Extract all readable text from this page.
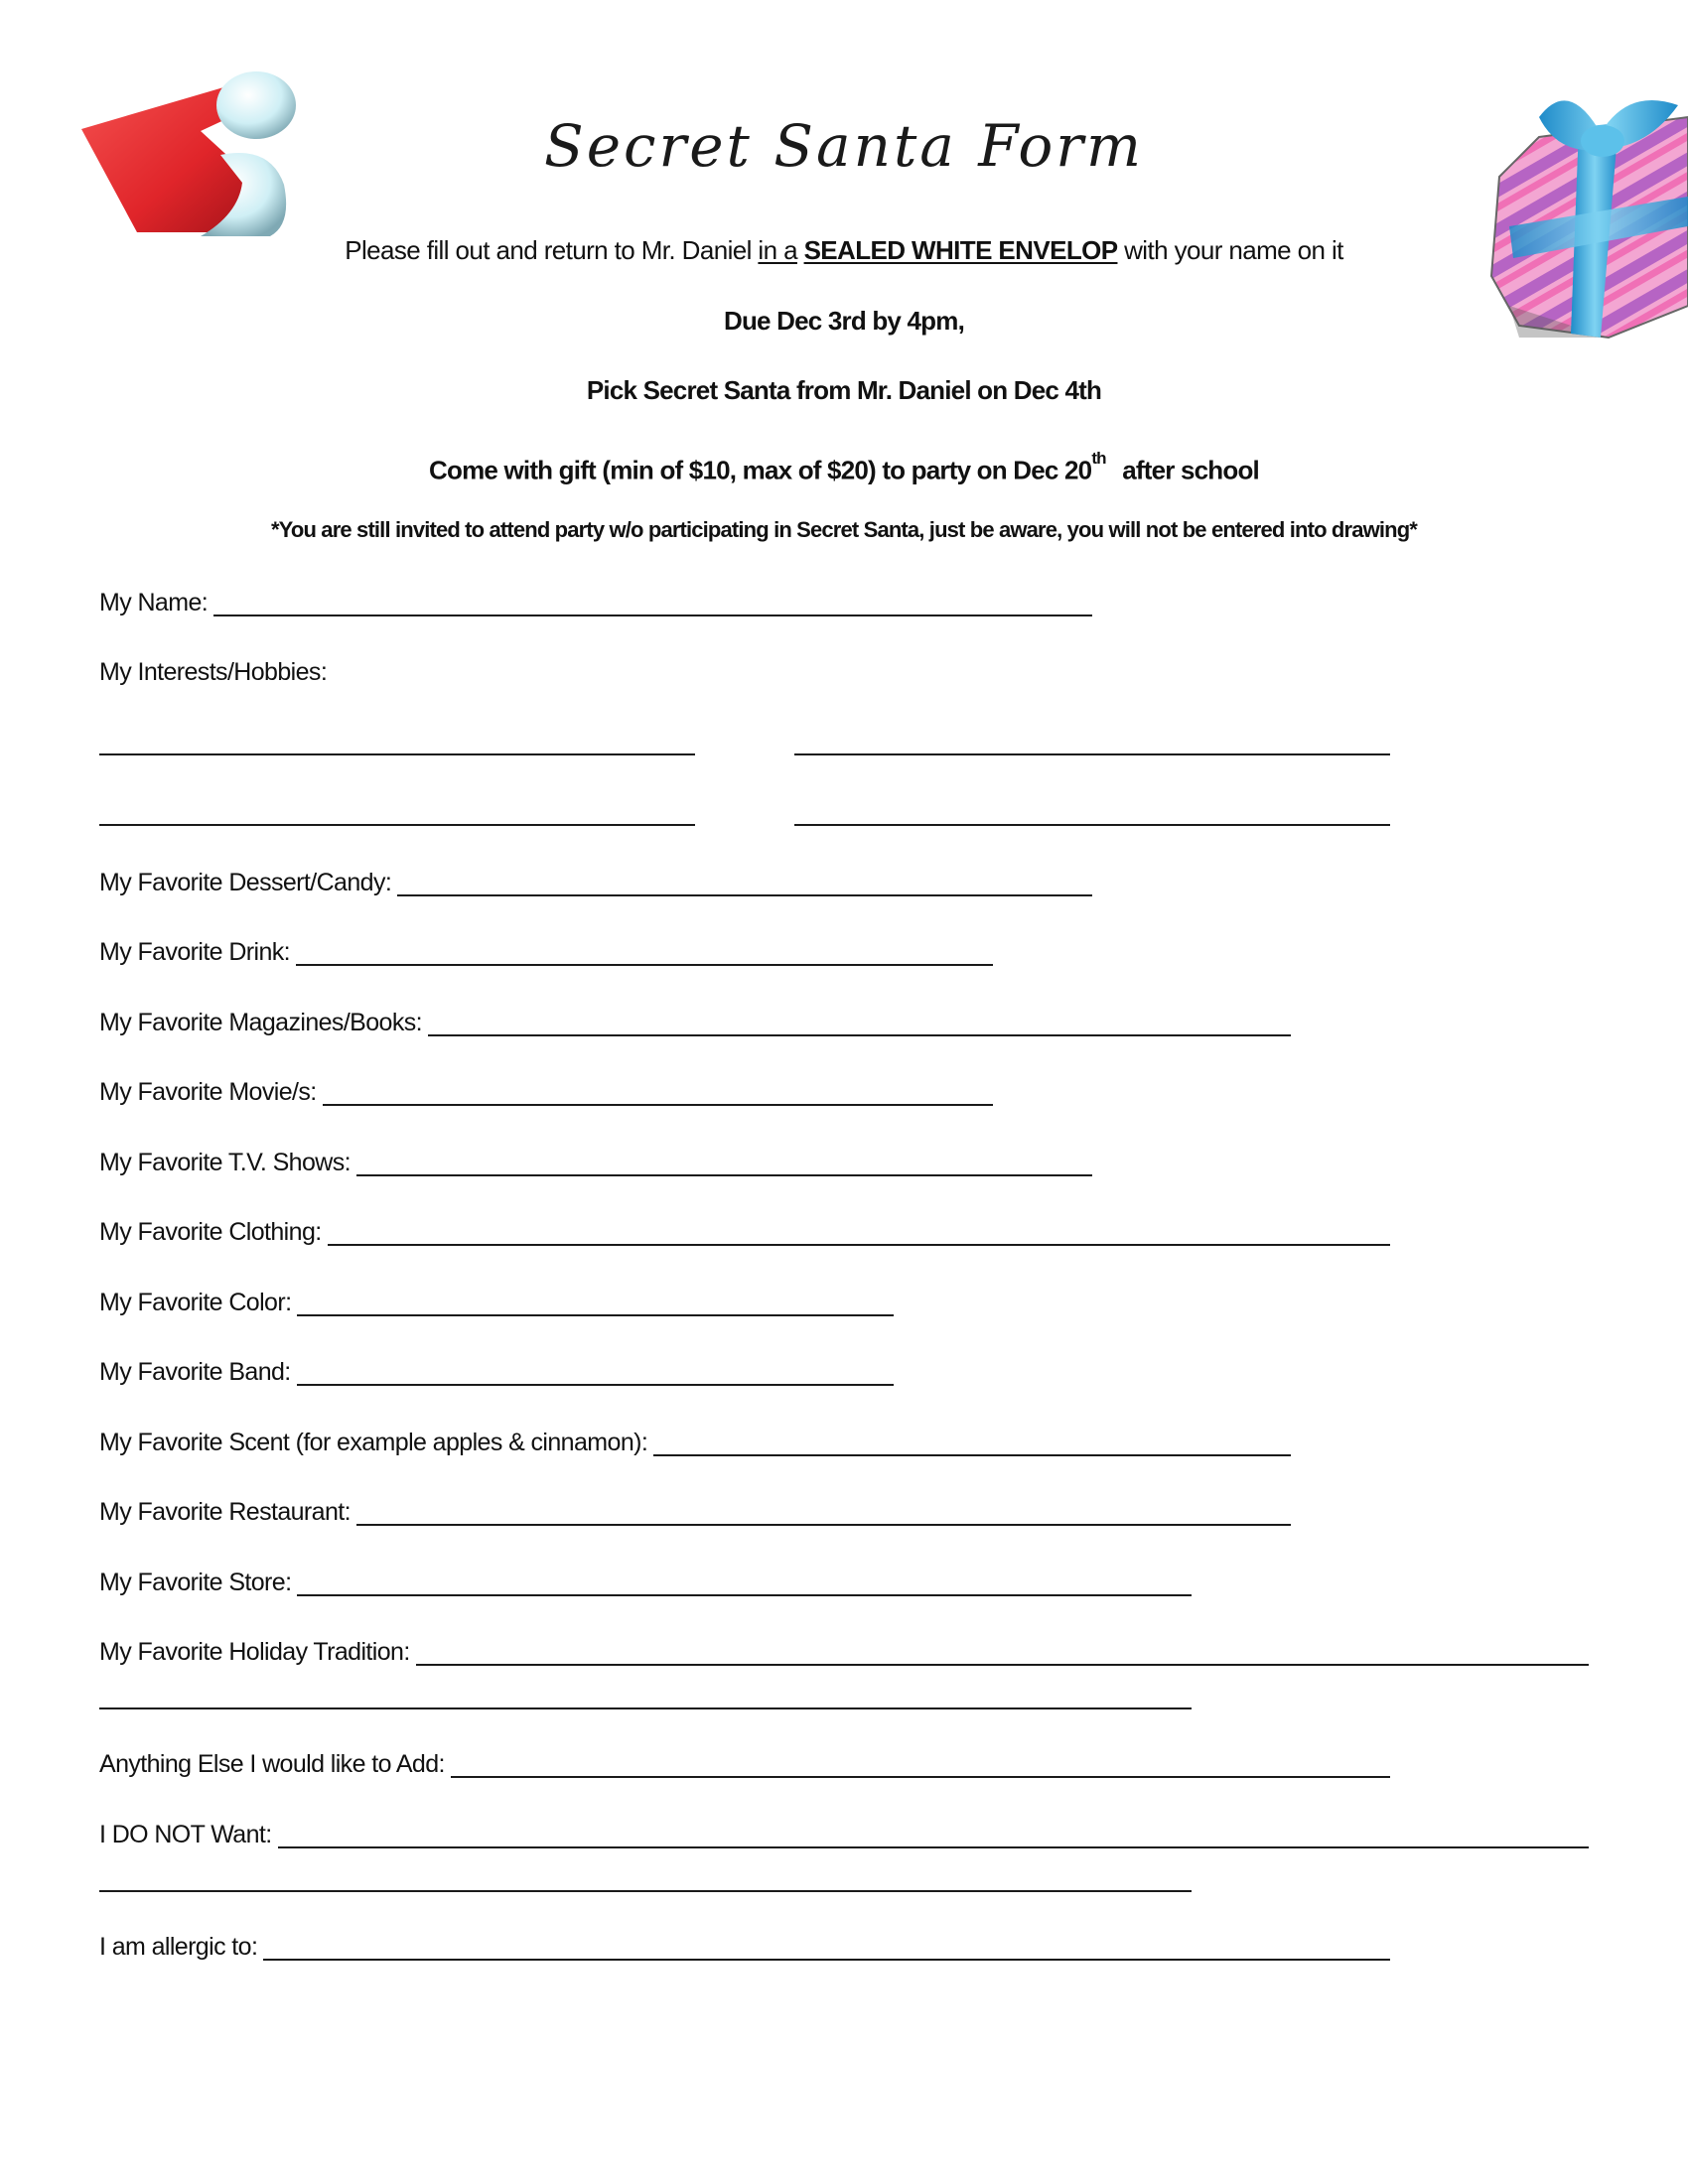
Secret Santa Form
Please fill out and return to Mr. Daniel in a SEALED WHITE ENVELOP with your name on it
Due Dec 3rd by 4pm,
Pick Secret Santa from Mr. Daniel on Dec 4th
Come with gift (min of $10, max of $20) to party on Dec 20th after school
*You are still invited to attend party w/o participating in Secret Santa, just be aware, you will not be entered into drawing*
My Name:
My Interests/Hobbies:
My Favorite Dessert/Candy:
My Favorite Drink:
My Favorite Magazines/Books:
My Favorite Movie/s:
My Favorite T.V. Shows:
My Favorite Clothing:
My Favorite Color:
My Favorite Band:
My Favorite Scent (for example apples & cinnamon):
My Favorite Restaurant:
My Favorite Store:
My Favorite Holiday Tradition:
Anything Else I would like to Add:
I DO NOT Want:
I am allergic to:
